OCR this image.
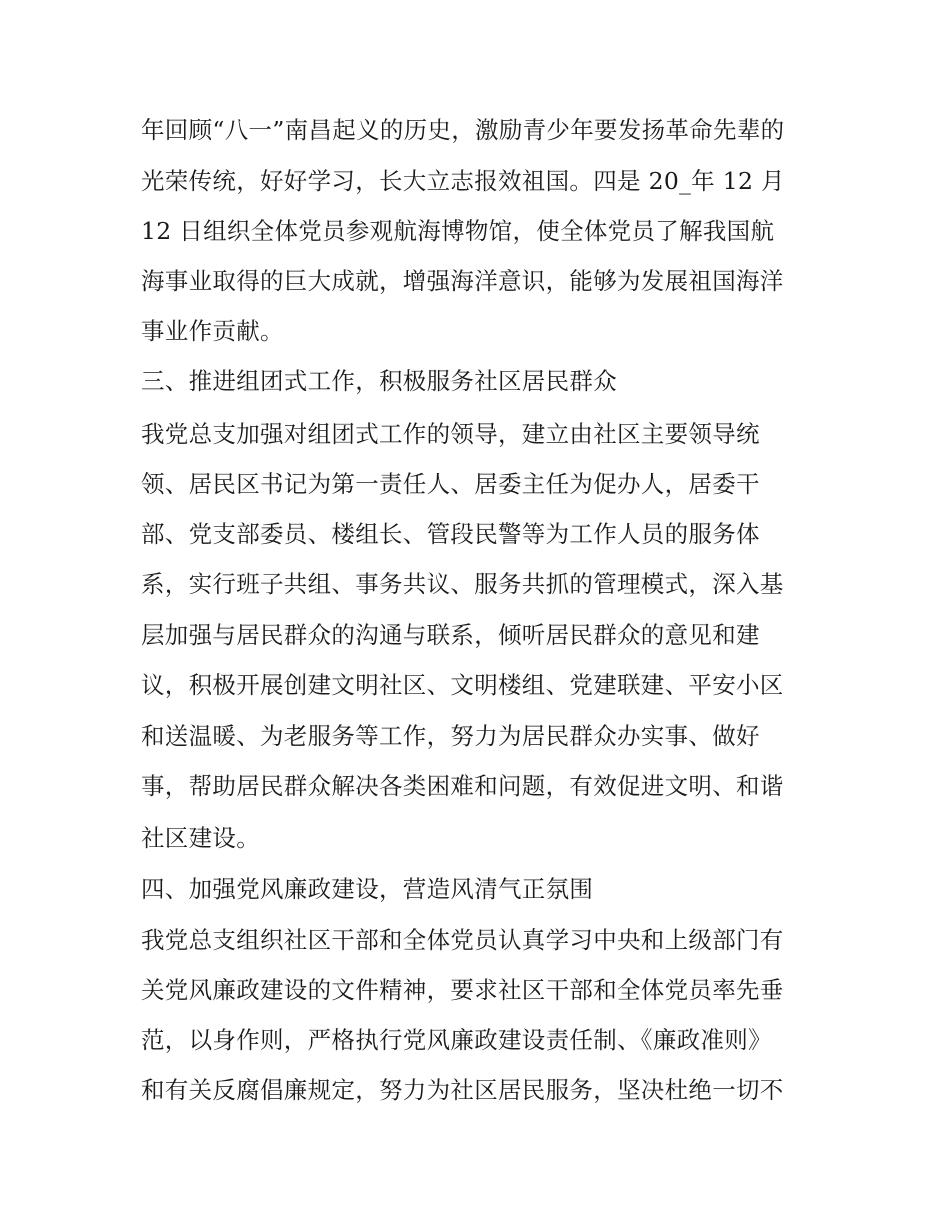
年回顾“八一”南昌起义的历史，激励青少年要发扬革命先辈的
光荣传统，好好学习，长大立志报效祖国。四是 20_年 12 月
12 日组织全体党员参观航海博物馆，使全体党员了解我国航
海事业取得的巨大成就，增强海洋意识，能够为发展祖国海洋
事业作贡献。
三、推进组团式工作，积极服务社区居民群众
我党总支加强对组团式工作的领导，建立由社区主要领导统
领、居民区书记为第一责任人、居委主任为促办人，居委干
部、党支部委员、楼组长、管段民警等为工作人员的服务体
系，实行班子共组、事务共议、服务共抓的管理模式，深入基
层加强与居民群众的沟通与联系，倾听居民群众的意见和建
议，积极开展创建文明社区、文明楼组、党建联建、平安小区
和送温暖、为老服务等工作，努力为居民群众办实事、做好
事，帮助居民群众解决各类困难和问题，有效促进文明、和谐
社区建设。
四、加强党风廉政建设，营造风清气正氛围
我党总支组织社区干部和全体党员认真学习中央和上级部门有
关党风廉政建设的文件精神，要求社区干部和全体党员率先垂
范，以身作则，严格执行党风廉政建设责任制、《廉政准则》
和有关反腐倡廉规定，努力为社区居民服务，坚决杜绝一切不
